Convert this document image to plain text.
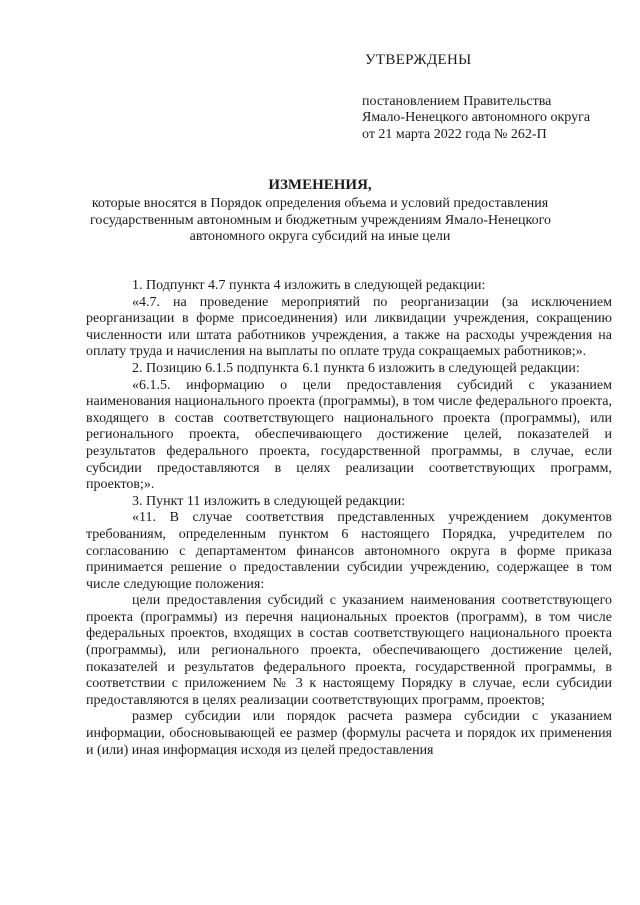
УТВЕРЖДЕНЫ
постановлением Правительства
Ямало-Ненецкого автономного округа
от 21 марта 2022 года № 262-П
ИЗМЕНЕНИЯ,
которые вносятся в Порядок определения объема и условий предоставления
государственным автономным и бюджетным учреждениям Ямало-Ненецкого
автономного округа субсидий на иные цели

1. Подпункт 4.7 пункта 4 изложить в следующей редакции:

«4.7. на проведение мероприятий по реорганизации (за исключением реорганизации в форме присоединения) или ликвидации учреждения, сокращению численности или штата работников учреждения, а также на расходы учреждения на оплату труда и начисления на выплаты по оплате труда сокращаемых работников;».

2. Позицию 6.1.5 подпункта 6.1 пункта 6 изложить в следующей редакции:

«6.1.5. информацию о цели предоставления субсидий с указанием наименования национального проекта (программы), в том числе федерального проекта, входящего в состав соответствующего национального проекта (программы), или регионального проекта, обеспечивающего достижение целей, показателей и результатов федерального проекта, государственной программы, в случае, если субсидии предоставляются в целях реализации соответствующих программ, проектов;».

3. Пункт 11 изложить в следующей редакции:

«11. В случае соответствия представленных учреждением документов требованиям, определенным пунктом 6 настоящего Порядка, учредителем по согласованию с департаментом финансов автономного округа в форме приказа принимается решение о предоставлении субсидии учреждению, содержащее в том числе следующие положения:

цели предоставления субсидий с указанием наименования соответствующего проекта (программы) из перечня национальных проектов (программ), в том числе федеральных проектов, входящих в состав соответствующего национального проекта (программы), или регионального проекта, обеспечивающего достижение целей, показателей и результатов федерального проекта, государственной программы, в соответствии с приложением № 3 к настоящему Порядку в случае, если субсидии предоставляются в целях реализации соответствующих программ, проектов;

размер субсидии или порядок расчета размера субсидии с указанием информации, обосновывающей ее размер (формулы расчета и порядок их применения и (или) иная информация исходя из целей предоставления
